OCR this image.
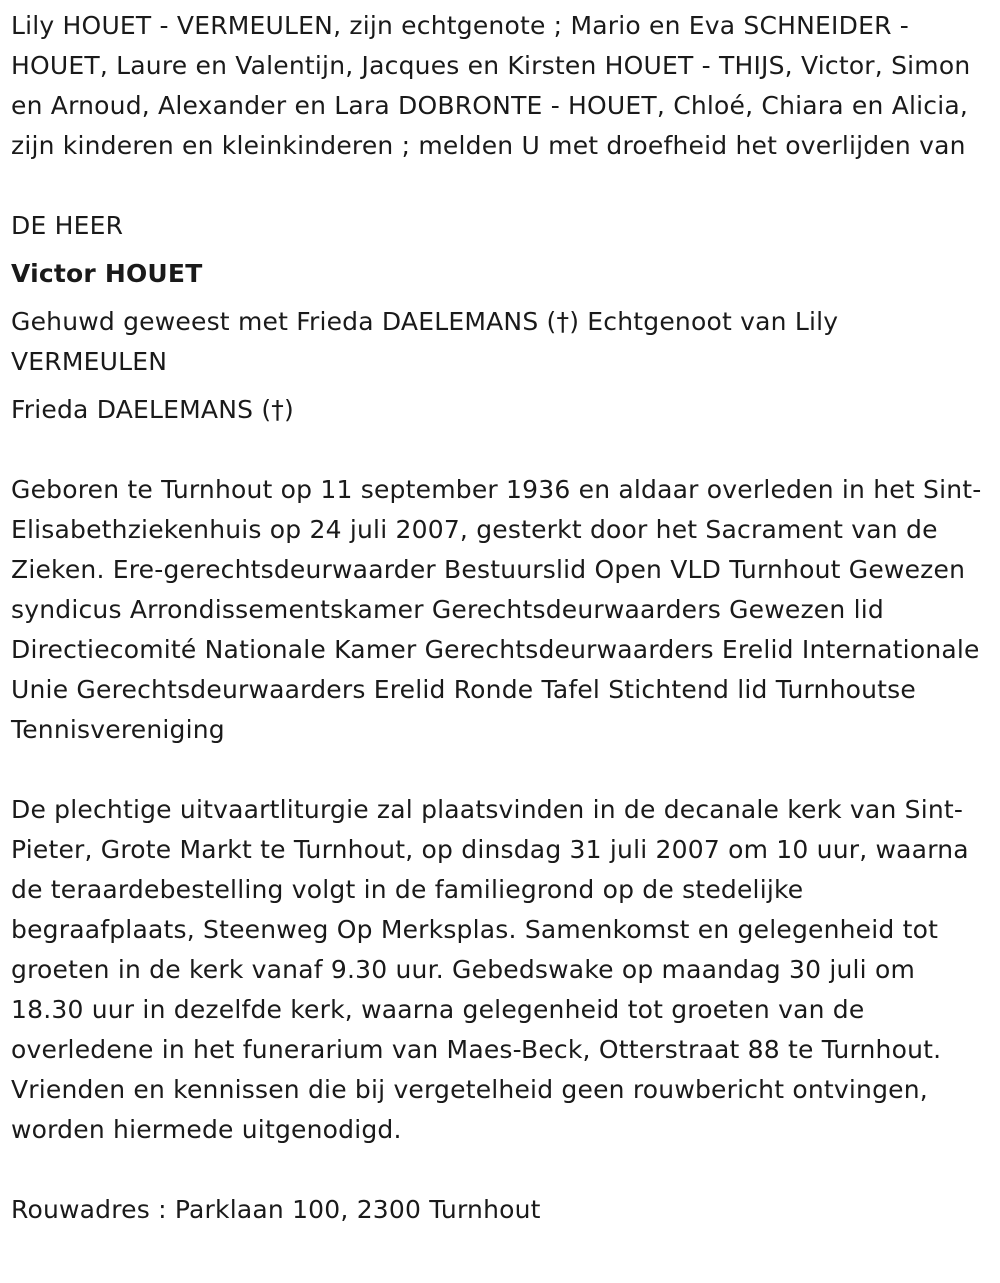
Lily HOUET - VERMEULEN, zijn echtgenote ; Mario en Eva SCHNEIDER - HOUET, Laure en Valentijn, Jacques en Kirsten HOUET - THIJS, Victor, Simon en Arnoud, Alexander en Lara DOBRONTE - HOUET, Chloé, Chiara en Alicia, zijn kinderen en kleinkinderen ; melden U met droefheid het overlijden van

DE HEER

Victor HOUET

Gehuwd geweest met Frieda DAELEMANS (†) Echtgenoot van Lily VERMEULEN

Frieda DAELEMANS (†)

Geboren te Turnhout op 11 september 1936 en aldaar overleden in het Sint-Elisabethziekenhuis op 24 juli 2007, gesterkt door het Sacrament van de Zieken. Ere-gerechtsdeurwaarder Bestuurslid Open VLD Turnhout Gewezen syndicus Arrondissementskamer Gerechtsdeurwaarders Gewezen lid Directiecomité Nationale Kamer Gerechtsdeurwaarders Erelid Internationale Unie Gerechtsdeurwaarders Erelid Ronde Tafel Stichtend lid Turnhoutse Tennisvereniging

De plechtige uitvaartliturgie zal plaatsvinden in de decanale kerk van Sint-Pieter, Grote Markt te Turnhout, op dinsdag 31 juli 2007 om 10 uur, waarna de teraardebestelling volgt in de familiegrond op de stedelijke begraafplaats, Steenweg Op Merksplas. Samenkomst en gelegenheid tot groeten in de kerk vanaf 9.30 uur. Gebedswake op maandag 30 juli om 18.30 uur in dezelfde kerk, waarna gelegenheid tot groeten van de overledene in het funerarium van Maes-Beck, Otterstraat 88 te Turnhout. Vrienden en kennissen die bij vergetelheid geen rouwbericht ontvingen, worden hiermede uitgenodigd.

Rouwadres : Parklaan 100, 2300 Turnhout
